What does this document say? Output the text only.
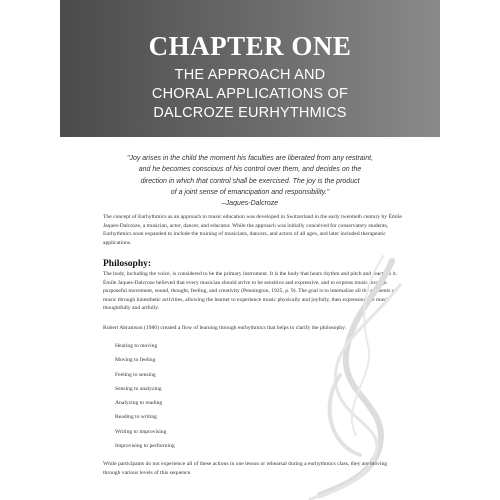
CHAPTER ONE
THE APPROACH AND
CHORAL APPLICATIONS OF
DALCROZE EURHYTHMICS
"Joy arises in the child the moment his faculties are liberated from any restraint,
and he becomes conscious of his control over them, and decides on the
direction in which that control shall be exercised. The joy is the product
of a joint sense of emancipation and responsibility."
–Jaques-Dalcroze

The concept of Eurhythmics as an approach to music education was developed in Switzerland in the early twentieth century by Émile Jaques-Dalcroze, a musician, actor, dancer, and educator. While the approach was initially conceived for conservatory students, Eurhythmics soon expanded to include the training of musicians, dancers, and actors of all ages, and later included therapeutic applications.

Philosophy:

The body, including the voice, is considered to be the primary instrument. It is the body that hears rhythm and pitch and reacts to it. Émile Jaques-Dalcroze believed that every musician should strive to be sensitive and expressive, and to express music through purposeful movement, sound, thought, feeling, and creativity (Pennington, 1925, p. 9). The goal is to internalize all the elements of music through kinesthetic activities, allowing the learner to experience music physically and joyfully, then expressing the music thoughtfully and artfully.

Robert Abramson (1980) created a flow of learning through eurhythmics that helps to clarify the philosophy:

Hearing to moving
Moving to feeling
Feeling to sensing
Sensing to analyzing
Analyzing to reading
Reading to writing
Writing to improvising
Improvising to performing

While participants do not experience all of these actions in one lesson or rehearsal during a eurhythmics class, they are moving through various levels of this sequence.
